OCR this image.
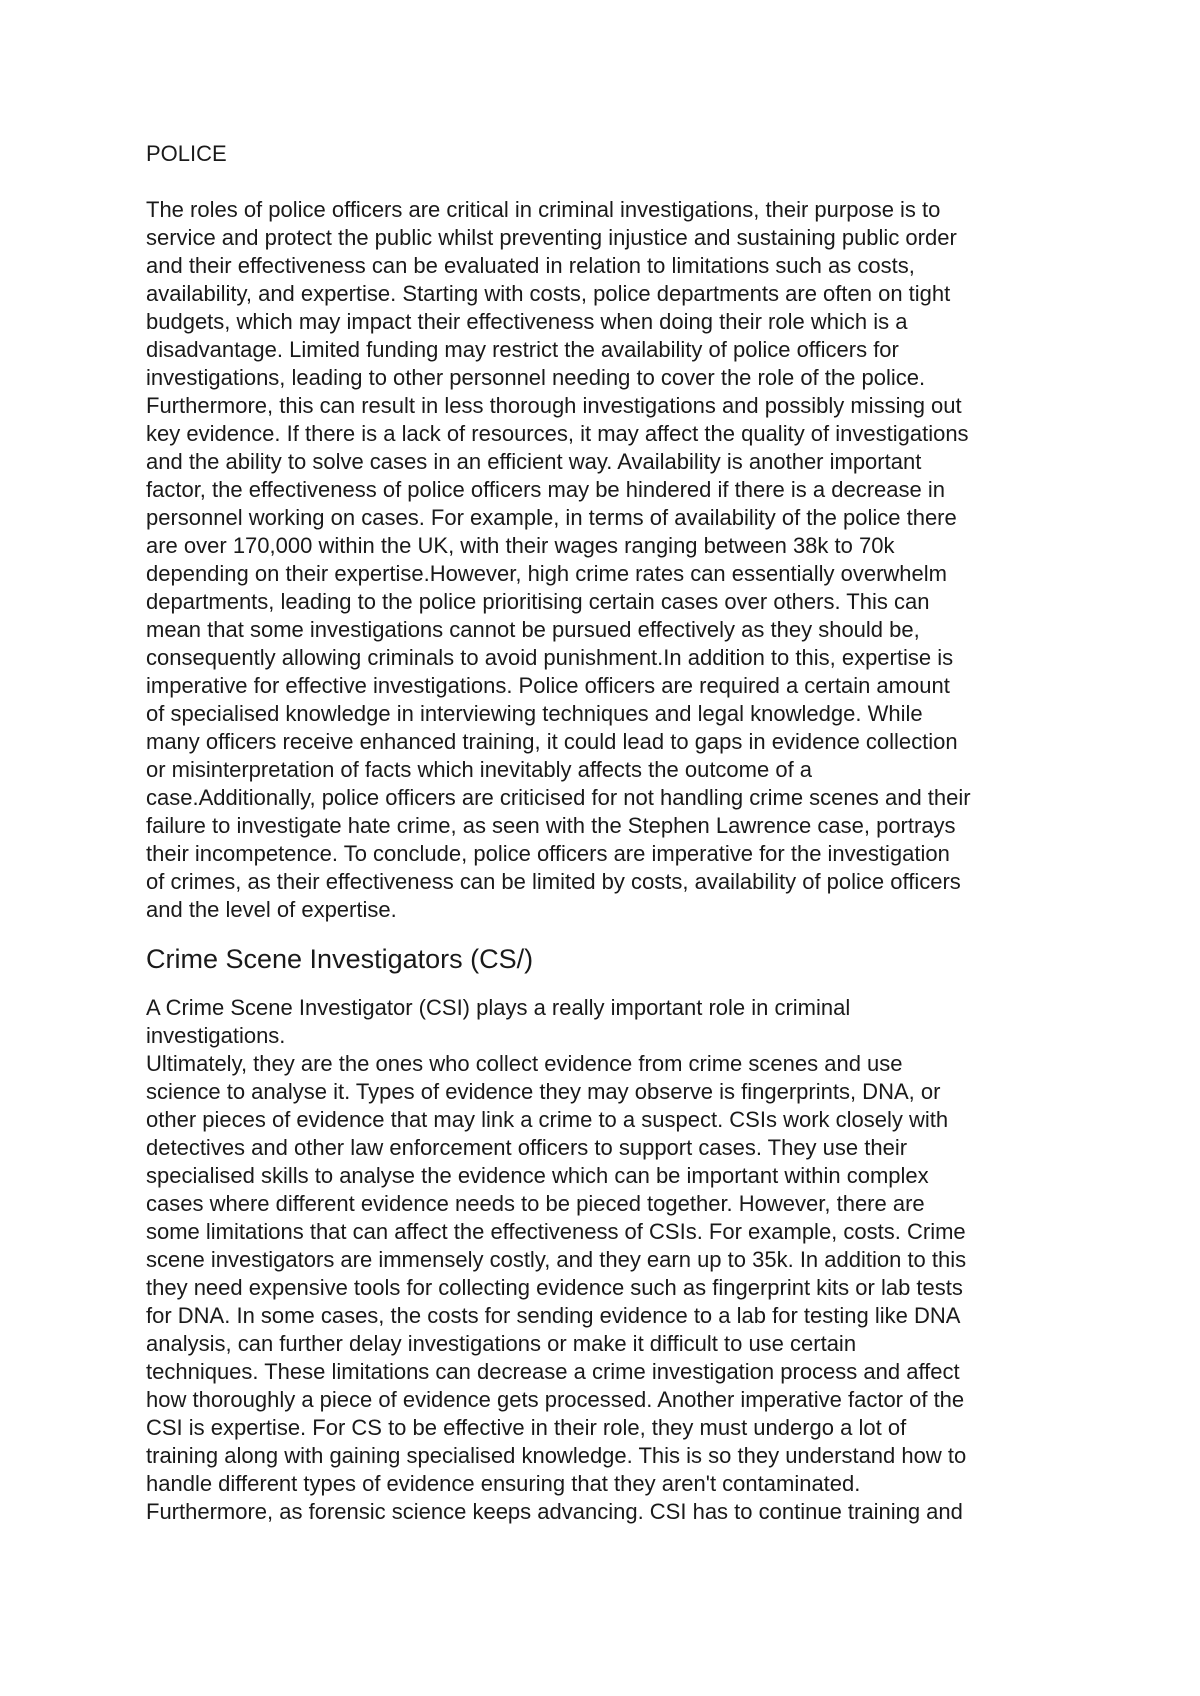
POLICE
The roles of police officers are critical in criminal investigations, their purpose is to
service and protect the public whilst preventing injustice and sustaining public order
and their effectiveness can be evaluated in relation to limitations such as costs,
availability, and expertise. Starting with costs, police departments are often on tight
budgets, which may impact their effectiveness when doing their role which is a
disadvantage. Limited funding may restrict the availability of police officers for
investigations, leading to other personnel needing to cover the role of the police.
Furthermore, this can result in less thorough investigations and possibly missing out
key evidence. If there is a lack of resources, it may affect the quality of investigations
and the ability to solve cases in an efficient way. Availability is another important
factor, the effectiveness of police officers may be hindered if there is a decrease in
personnel working on cases. For example, in terms of availability of the police there
are over 170,000 within the UK, with their wages ranging between 38k to 70k
depending on their expertise.However, high crime rates can essentially overwhelm
departments, leading to the police prioritising certain cases over others. This can
mean that some investigations cannot be pursued effectively as they should be,
consequently allowing criminals to avoid punishment.In addition to this, expertise is
imperative for effective investigations. Police officers are required a certain amount
of specialised knowledge in interviewing techniques and legal knowledge. While
many officers receive enhanced training, it could lead to gaps in evidence collection
or misinterpretation of facts which inevitably affects the outcome of a
case.Additionally, police officers are criticised for not handling crime scenes and their
failure to investigate hate crime, as seen with the Stephen Lawrence case, portrays
their incompetence. To conclude, police officers are imperative for the investigation
of crimes, as their effectiveness can be limited by costs, availability of police officers
and the level of expertise.
Crime Scene Investigators (CS/)
A Crime Scene Investigator (CSI) plays a really important role in criminal
investigations.
Ultimately, they are the ones who collect evidence from crime scenes and use
science to analyse it. Types of evidence they may observe is fingerprints, DNA, or
other pieces of evidence that may link a crime to a suspect. CSIs work closely with
detectives and other law enforcement officers to support cases. They use their
specialised skills to analyse the evidence which can be important within complex
cases where different evidence needs to be pieced together. However, there are
some limitations that can affect the effectiveness of CSIs. For example, costs. Crime
scene investigators are immensely costly, and they earn up to 35k. In addition to this
they need expensive tools for collecting evidence such as fingerprint kits or lab tests
for DNA. In some cases, the costs for sending evidence to a lab for testing like DNA
analysis, can further delay investigations or make it difficult to use certain
techniques. These limitations can decrease a crime investigation process and affect
how thoroughly a piece of evidence gets processed. Another imperative factor of the
CSI is expertise. For CS to be effective in their role, they must undergo a lot of
training along with gaining specialised knowledge. This is so they understand how to
handle different types of evidence ensuring that they aren't contaminated.
Furthermore, as forensic science keeps advancing. CSI has to continue training and
